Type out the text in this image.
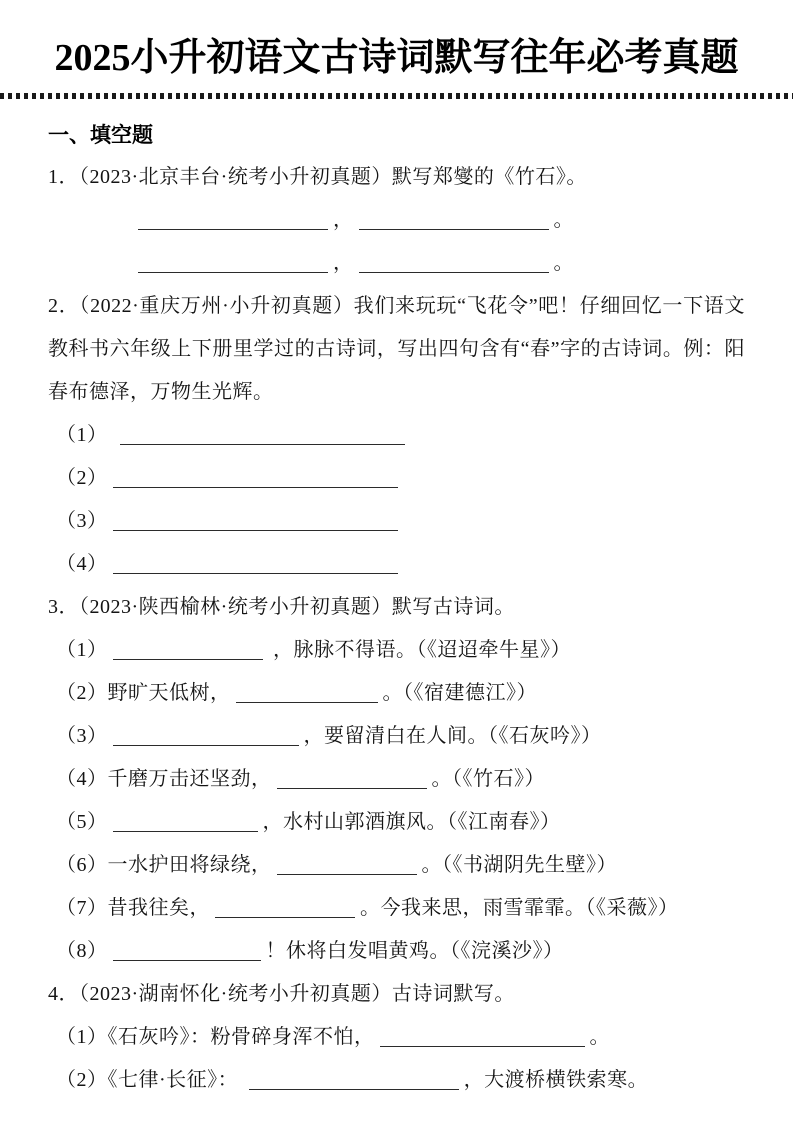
2025小升初语文古诗词默写往年必考真题
一、填空题

1．（2023·北京丰台·统考小升初真题）默写郑燮的《竹石》。

，	。

，	。

2．（2022·重庆万州·小升初真题）我们来玩玩“飞花令”吧！仔细回忆一下语文教科书六年级上下册里学过的古诗词，写出四句含有“春”字的古诗词。例：阳春布德泽，万物生光辉。

（1）

（2）

（3）

（4）

3．（2023·陕西榆林·统考小升初真题）默写古诗词。

（1）	，脉脉不得语。（《迢迢牵牛星》）

（2）野旷天低树，	。（《宿建德江》）

（3）	，要留清白在人间。（《石灰吟》）

（4）千磨万击还坚劲，	。（《竹石》）

（5）	，水村山郭酒旗风。（《江南春》）

（6）一水护田将绿绕，	。（《书湖阴先生壁》）

（7）昔我往矣，	。今我来思，雨雪霏霏。（《采薇》）

（8）	！休将白发唱黄鸡。（《浣溪沙》）

4．（2023·湖南怀化·统考小升初真题）古诗词默写。

（1）《石灰吟》：粉骨碎身浑不怕，	。

（2）《七律·长征》：	，大渡桥横铁索寒。
